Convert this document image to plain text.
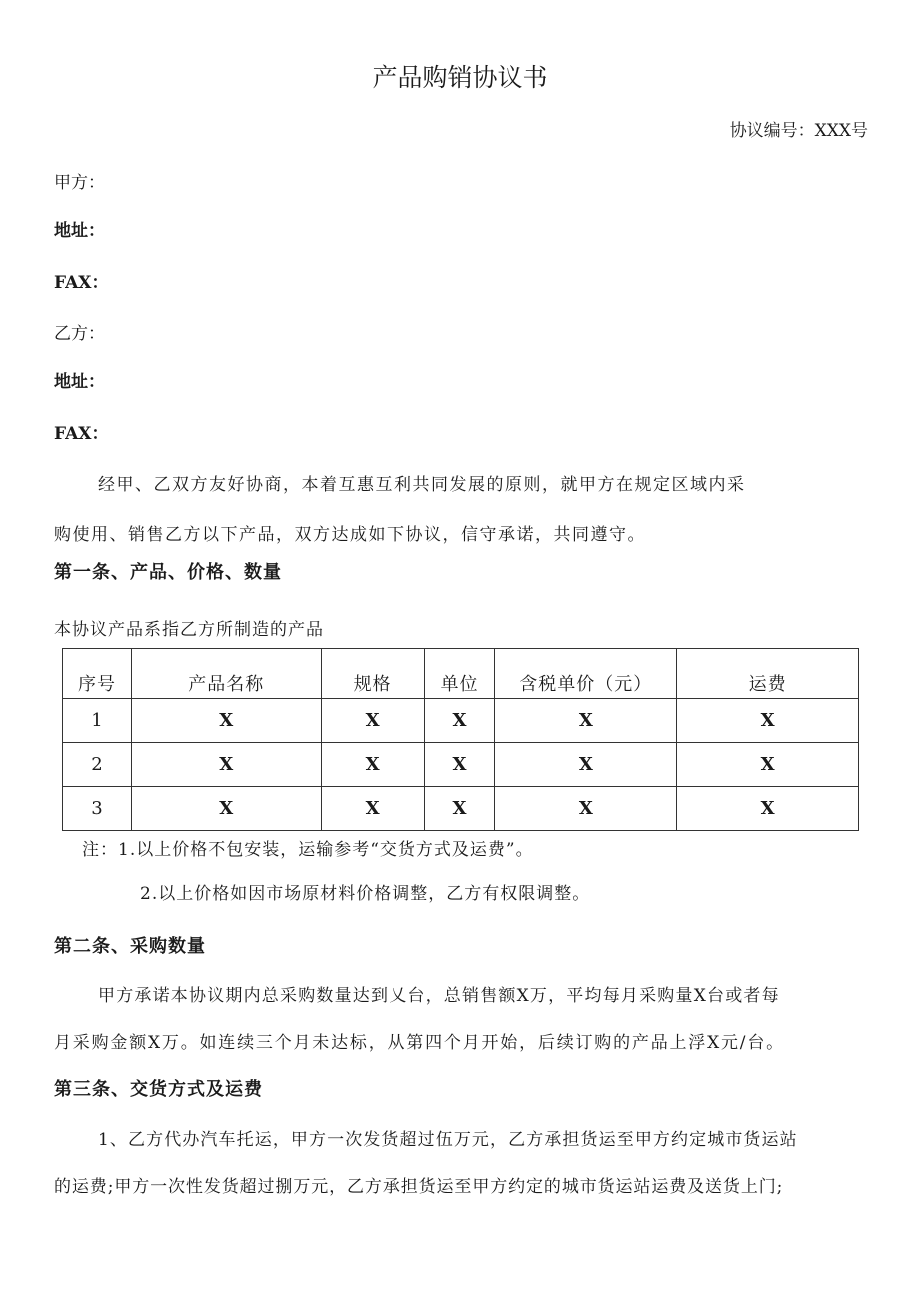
产品购销协议书
协议编号：XXX号
甲方：
地址：
FAX：
乙方：
地址：
FAX：
经甲、乙双方友好协商，本着互惠互利共同发展的原则，就甲方在规定区域内采
购使用、销售乙方以下产品，双方达成如下协议，信守承诺，共同遵守。
第一条、产品、价格、数量
本协议产品系指乙方所制造的产品
序号	产品名称	规格	单位	含税单价（元）	运费
1	X	X	X	X	X
2	X	X	X	X	X
3	X	X	X	X	X
注：1.以上价格不包安装，运输参考“交货方式及运费”。
2.以上价格如因市场原材料价格调整，乙方有权限调整。
第二条、采购数量
甲方承诺本协议期内总采购数量达到乂台，总销售额X万，平均每月采购量X台或者每
月采购金额X万。如连续三个月未达标，从第四个月开始，后续订购的产品上浮X元/台。
第三条、交货方式及运费
1、乙方代办汽车托运，甲方一次发货超过伍万元，乙方承担货运至甲方约定城市货运站
的运费;甲方一次性发货超过捌万元，乙方承担货运至甲方约定的城市货运站运费及送货上门;
